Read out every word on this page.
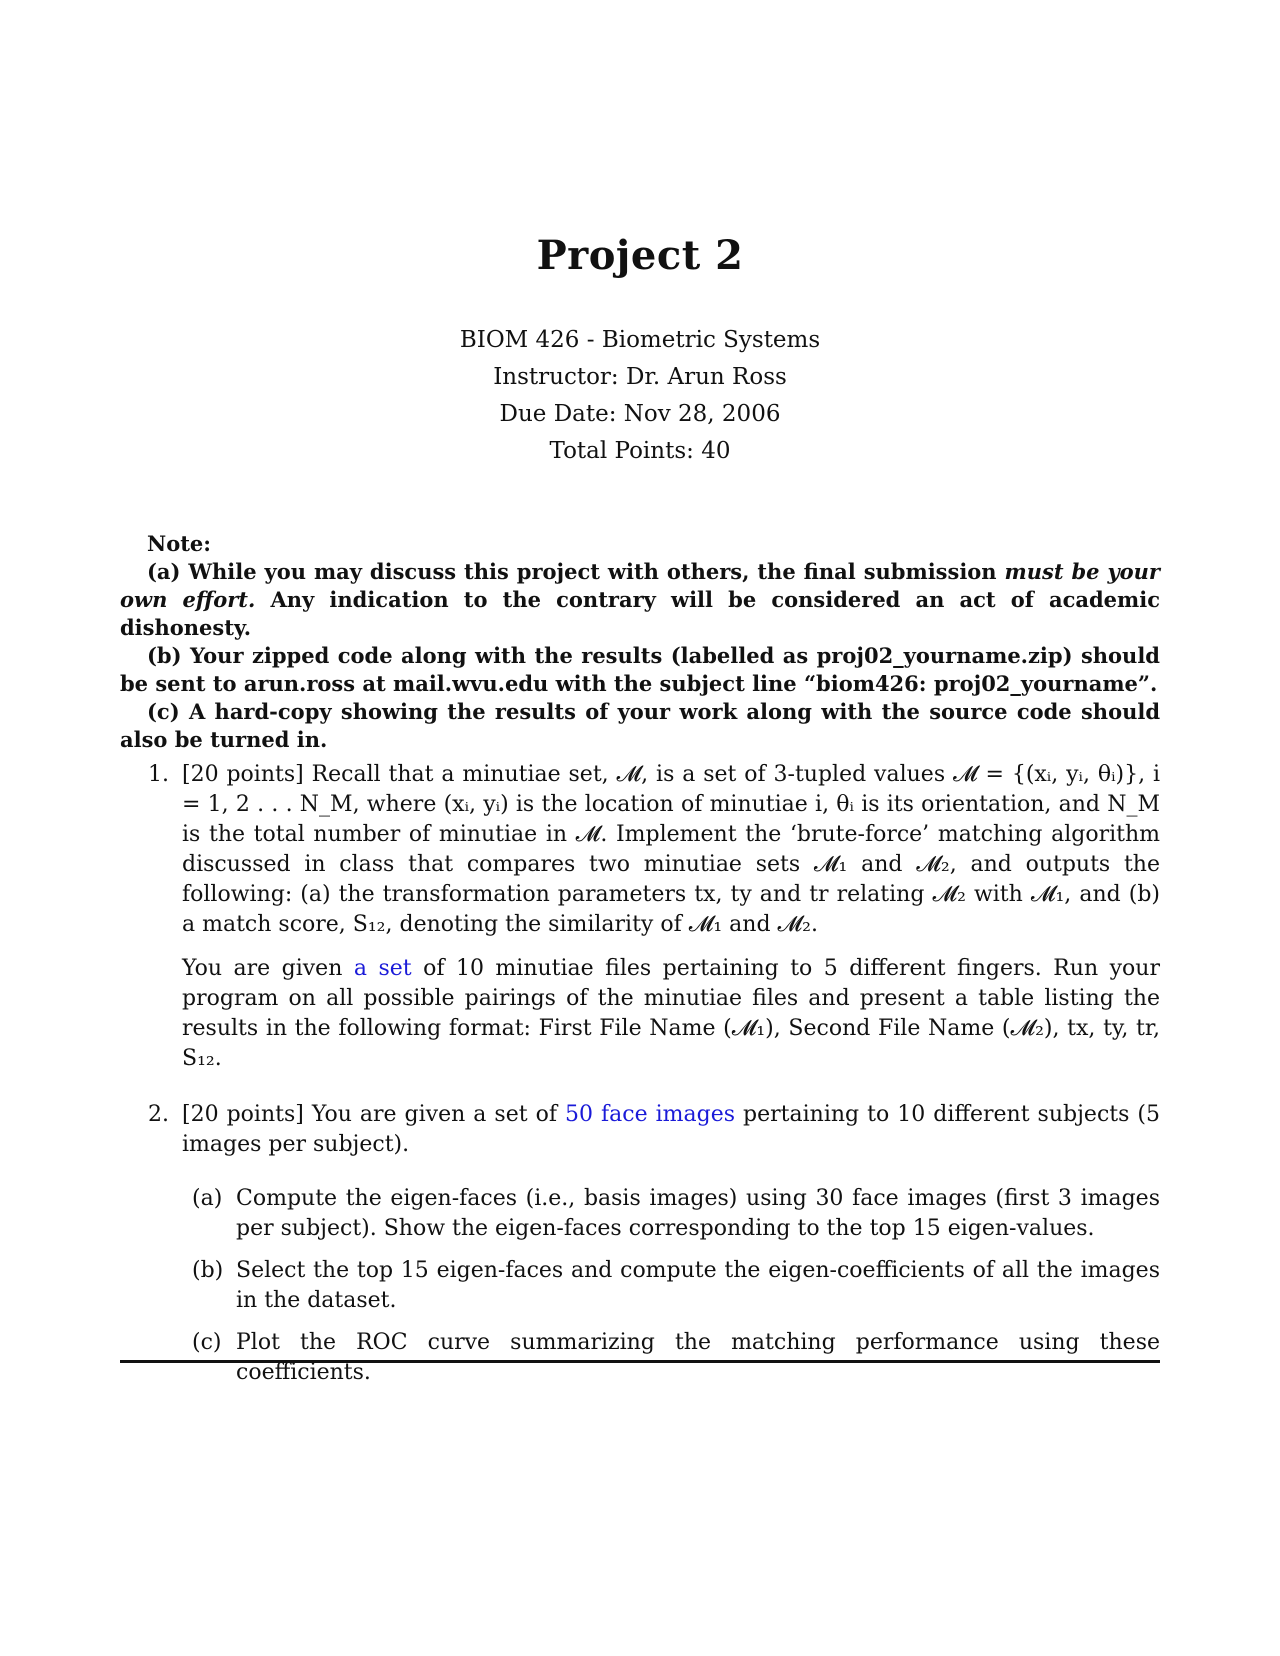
Project 2
BIOM 426 - Biometric Systems
Instructor: Dr. Arun Ross
Due Date: Nov 28, 2006
Total Points: 40

Note:

(a) While you may discuss this project with others, the final submission must be your own effort. Any indication to the contrary will be considered an act of academic dishonesty.

(b) Your zipped code along with the results (labelled as proj02_yourname.zip) should be sent to arun.ross at mail.wvu.edu with the subject line “biom426: proj02_yourname”.

(c) A hard-copy showing the results of your work along with the source code should also be turned in.

1. [20 points] Recall that a minutiae set, 𝓜, is a set of 3-tupled values 𝓜 = {(xᵢ, yᵢ, θᵢ)}, i = 1, 2 . . . N_M, where (xᵢ, yᵢ) is the location of minutiae i, θᵢ is its orientation, and N_M is the total number of minutiae in 𝓜. Implement the ‘brute-force’ matching algorithm discussed in class that compares two minutiae sets 𝓜₁ and 𝓜₂, and outputs the following: (a) the transformation parameters tx, ty and tr relating 𝓜₂ with 𝓜₁, and (b) a match score, S₁₂, denoting the similarity of 𝓜₁ and 𝓜₂.

You are given a set of 10 minutiae files pertaining to 5 different fingers. Run your program on all possible pairings of the minutiae files and present a table listing the results in the following format: First File Name (𝓜₁), Second File Name (𝓜₂), tx, ty, tr, S₁₂.

2. [20 points] You are given a set of 50 face images pertaining to 10 different subjects (5 images per subject).

(a) Compute the eigen-faces (i.e., basis images) using 30 face images (first 3 images per subject). Show the eigen-faces corresponding to the top 15 eigen-values.
(b) Select the top 15 eigen-faces and compute the eigen-coefficients of all the images in the dataset.
(c) Plot the ROC curve summarizing the matching performance using these coefficients.
